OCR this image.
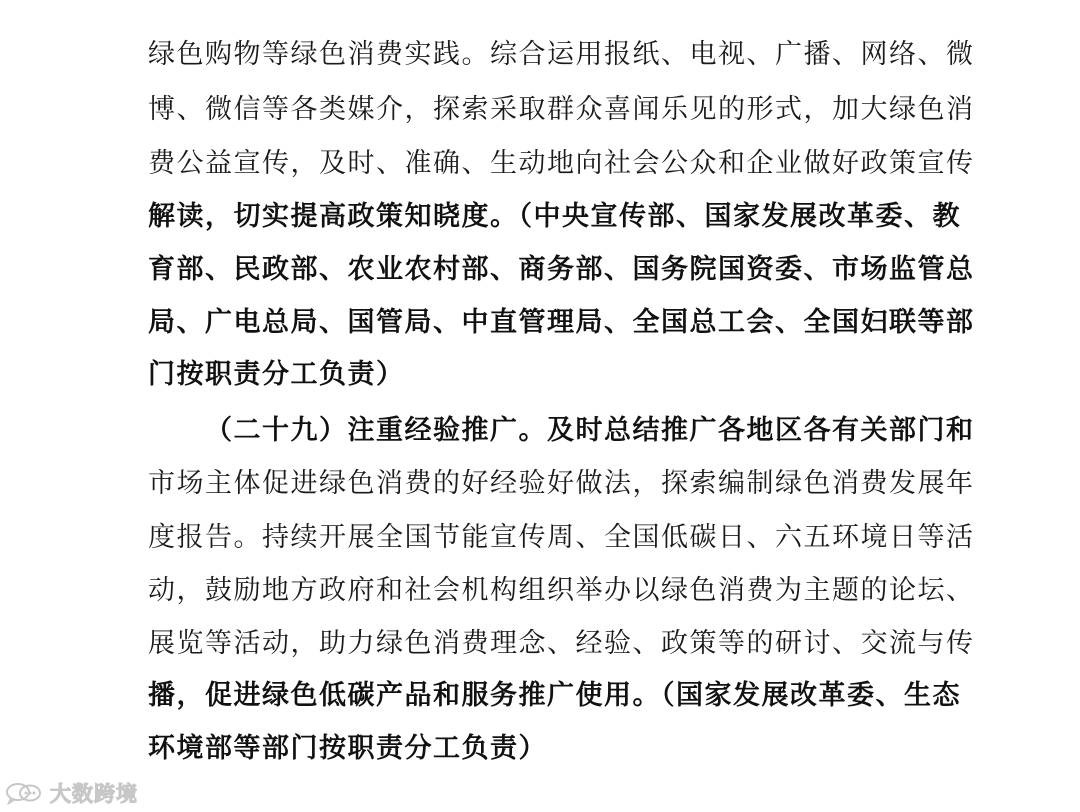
绿色购物等绿色消费实践。综合运用报纸、电视、广播、网络、微
博、微信等各类媒介，探索采取群众喜闻乐见的形式，加大绿色消
费公益宣传，及时、准确、生动地向社会公众和企业做好政策宣传
解读，切实提高政策知晓度。（中央宣传部、国家发展改革委、教
育部、民政部、农业农村部、商务部、国务院国资委、市场监管总
局、广电总局、国管局、中直管理局、全国总工会、全国妇联等部
门按职责分工负责）
（二十九）注重经验推广。及时总结推广各地区各有关部门和
市场主体促进绿色消费的好经验好做法，探索编制绿色消费发展年
度报告。持续开展全国节能宣传周、全国低碳日、六五环境日等活
动，鼓励地方政府和社会机构组织举办以绿色消费为主题的论坛、
展览等活动，助力绿色消费理念、经验、政策等的研讨、交流与传
播，促进绿色低碳产品和服务推广使用。（国家发展改革委、生态
环境部等部门按职责分工负责）
大数跨境
